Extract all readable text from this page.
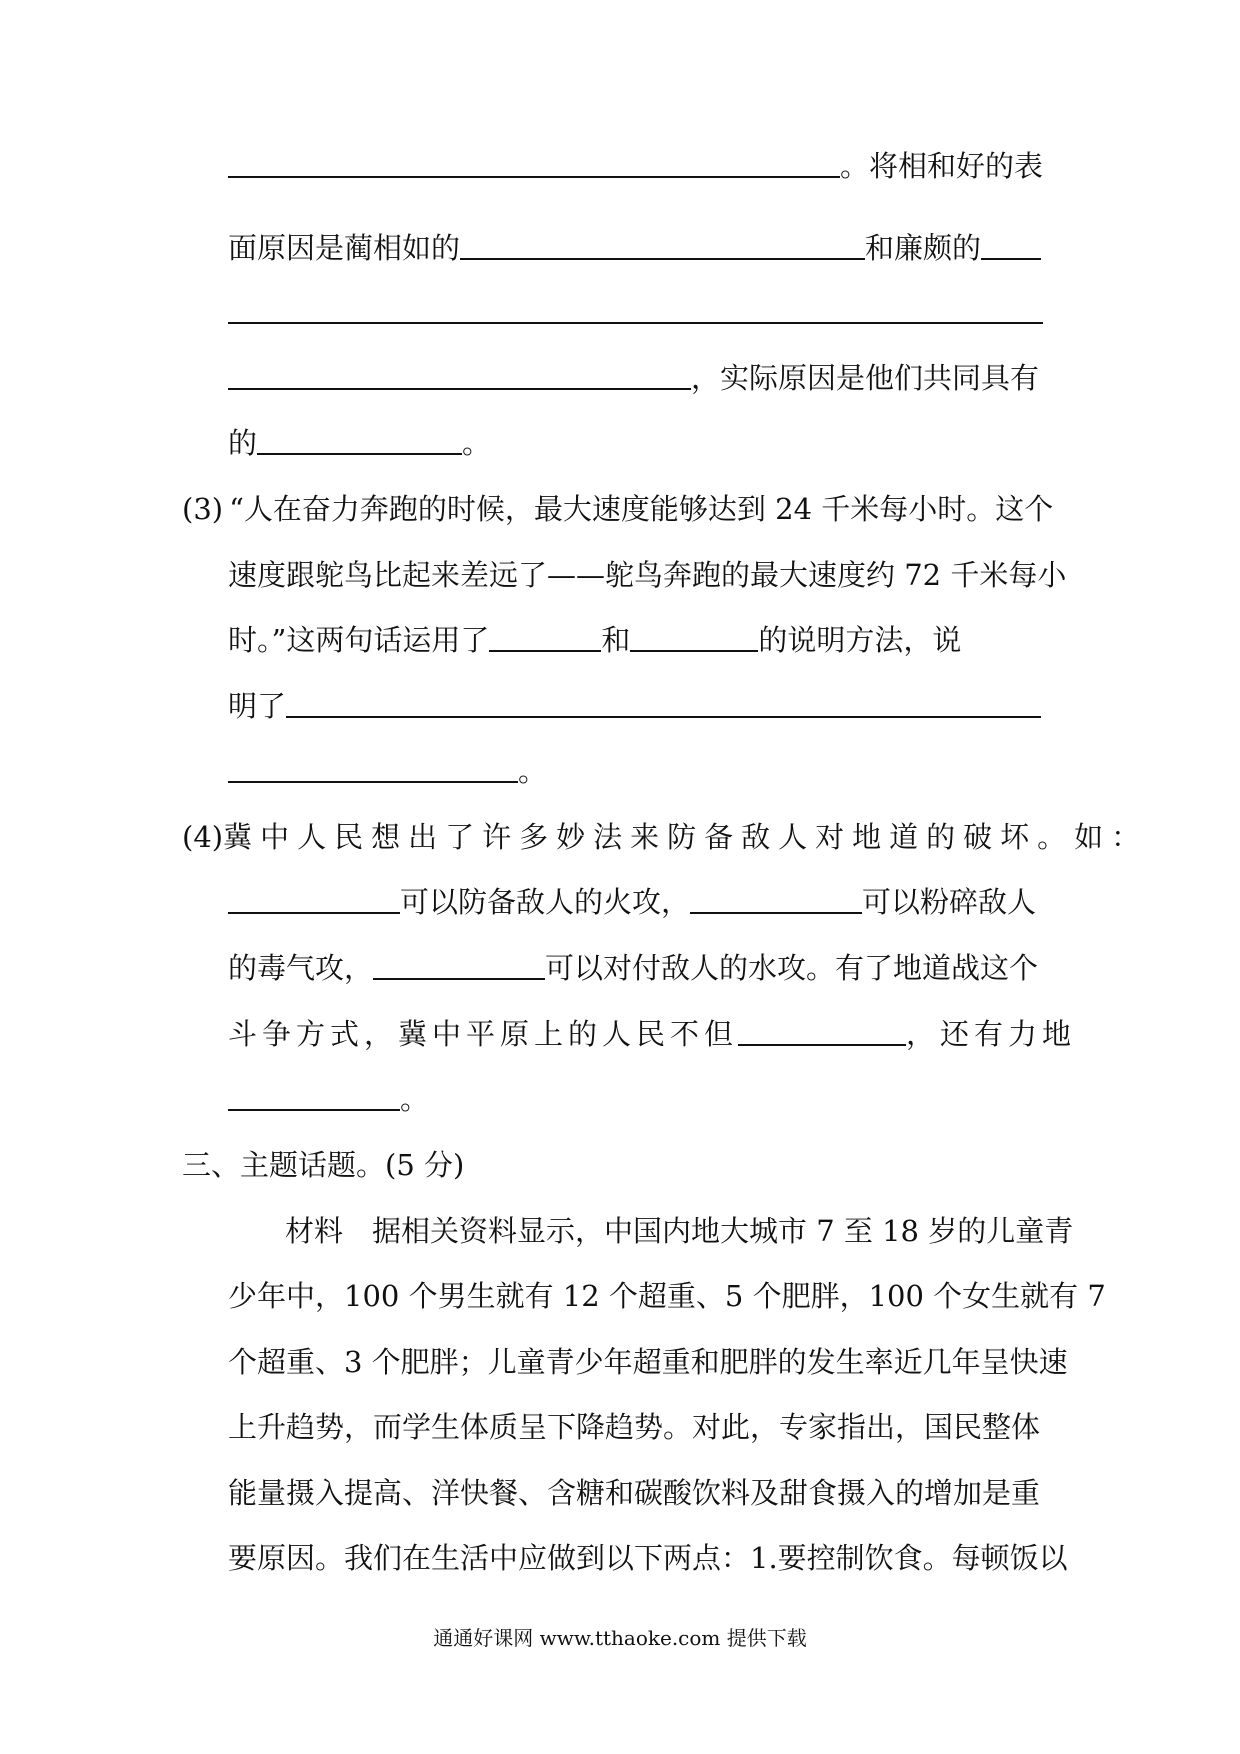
。将相和好的表
面原因是蔺相如的	和廉颇的
，实际原因是他们共同具有
的	。
(3) “人在奋力奔跑的时候，最大速度能够达到 24 千米每小时。这个
速度跟鸵鸟比起来差远了——鸵鸟奔跑的最大速度约 72 千米每小
时。”这两句话运用了	和	的说明方法，说
明了
。
(4)冀中人民想出了许多妙法来防备敌人对地道的破坏。如：
可以防备敌人的火攻，	可以粉碎敌人
的毒气攻，	可以对付敌人的水攻。有了地道战这个
斗争方式，冀中平原上的人民不但	，还有力地
。
三、主题话题。(5 分)
材料　据相关资料显示，中国内地大城市 7 至 18 岁的儿童青
少年中，100 个男生就有 12 个超重、5 个肥胖，100 个女生就有 7
个超重、3 个肥胖；儿童青少年超重和肥胖的发生率近几年呈快速
上升趋势，而学生体质呈下降趋势。对此，专家指出，国民整体
能量摄入提高、洋快餐、含糖和碳酸饮料及甜食摄入的增加是重
要原因。我们在生活中应做到以下两点：1.要控制饮食。每顿饭以
通通好课网 www.tthaoke.com 提供下载
